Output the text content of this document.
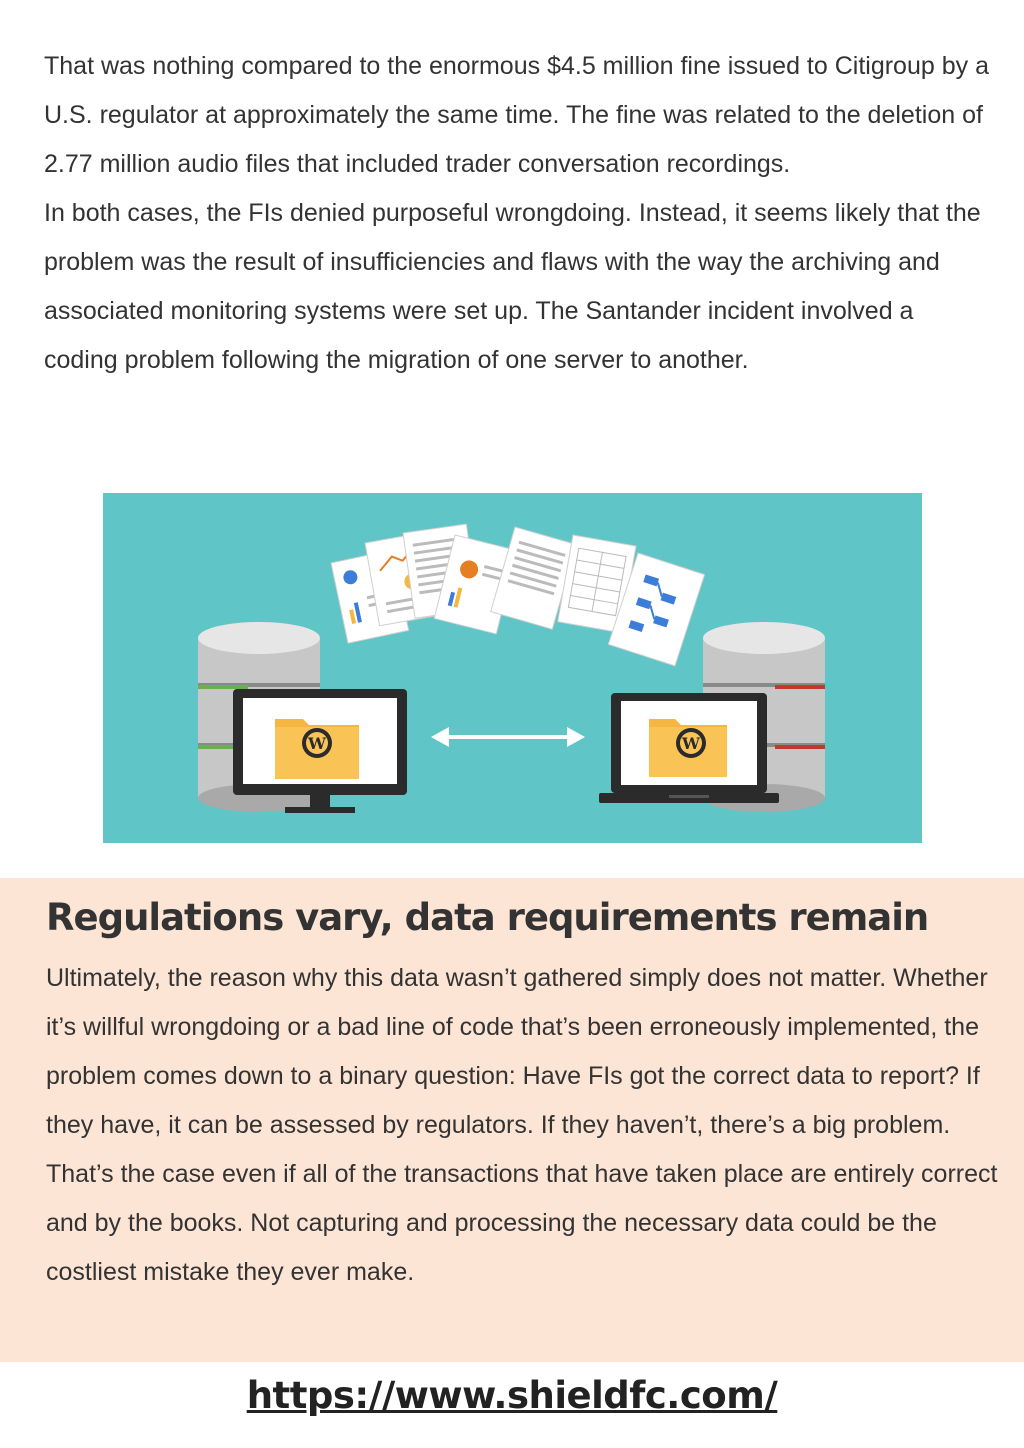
That was nothing compared to the enormous $4.5 million fine issued to Citigroup by a U.S. regulator at approximately the same time. The fine was related to the deletion of 2.77 million audio files that included trader conversation recordings.

In both cases, the FIs denied purposeful wrongdoing. Instead, it seems likely that the problem was the result of insufficiencies and flaws with the way the archiving and associated monitoring systems were set up. The Santander incident involved a coding problem following the migration of one server to another.

W	W
Regulations vary, data requirements remain

Ultimately, the reason why this data wasn’t gathered simply does not matter. Whether it’s willful wrongdoing or a bad line of code that’s been erroneously implemented, the problem comes down to a binary question: Have FIs got the correct data to report? If they have, it can be assessed by regulators. If they haven’t, there’s a big problem.

That’s the case even if all of the transactions that have taken place are entirely correct and by the books. Not capturing and processing the necessary data could be the costliest mistake they ever make.

https://www.shieldfc.com/
